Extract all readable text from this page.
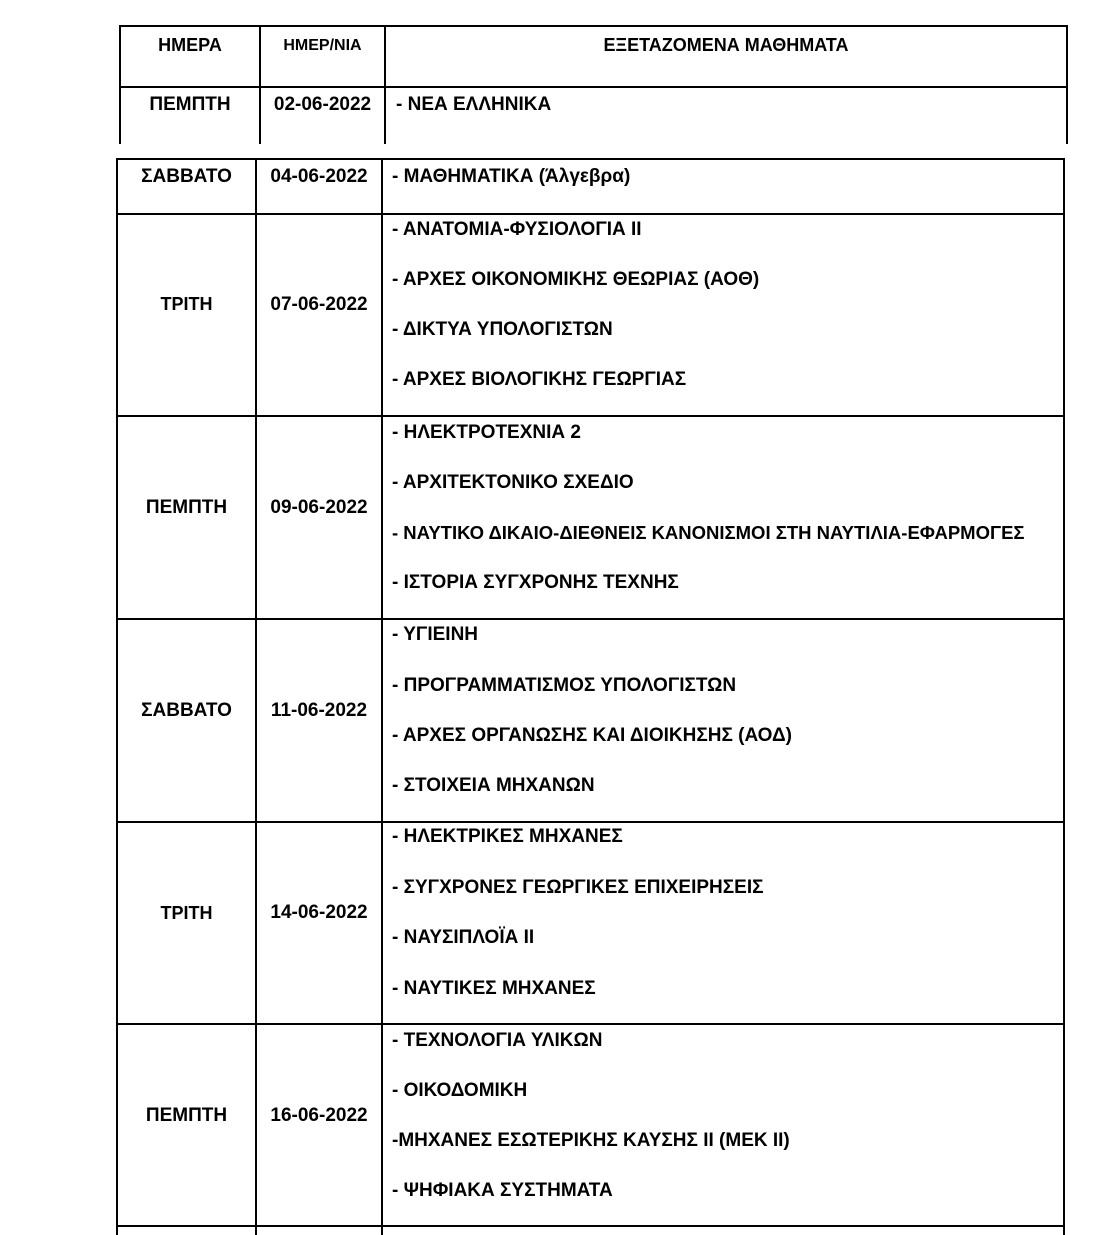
ΗΜΕΡΑ	ΗΜΕΡ/ΝΙΑ	ΕΞΕΤΑΖΟΜΕΝΑ ΜΑΘΗΜΑΤΑ
ΠΕΜΠΤΗ	02-06-2022	- ΝΕΑ ΕΛΛΗΝΙΚΑ
ΣΑΒΒΑΤΟ	04-06-2022	- ΜΑΘΗΜΑΤΙΚΑ (Άλγεβρα)
ΤΡΙΤΗ	07-06-2022
- ΑΝΑΤΟΜΙΑ-ΦΥΣΙΟΛΟΓΙΑ ΙΙ
- ΑΡΧΕΣ ΟΙΚΟΝΟΜΙΚΗΣ ΘΕΩΡΙΑΣ (ΑΟΘ)
- ΔΙΚΤΥΑ ΥΠΟΛΟΓΙΣΤΩΝ
- ΑΡΧΕΣ ΒΙΟΛΟΓΙΚΗΣ ΓΕΩΡΓΙΑΣ
ΠΕΜΠΤΗ	09-06-2022
- ΗΛΕΚΤΡΟΤΕΧΝΙΑ 2
- ΑΡΧΙΤΕΚΤΟΝΙΚΟ ΣΧΕΔΙΟ
- ΝΑΥΤΙΚΟ ΔΙΚΑΙΟ-ΔΙΕΘΝΕΙΣ ΚΑΝΟΝΙΣΜΟΙ ΣΤΗ ΝΑΥΤΙΛΙΑ-ΕΦΑΡΜΟΓΕΣ
- ΙΣΤΟΡΙΑ ΣΥΓΧΡΟΝΗΣ ΤΕΧΝΗΣ
ΣΑΒΒΑΤΟ	11-06-2022
- ΥΓΙΕΙΝΗ
- ΠΡΟΓΡΑΜΜΑΤΙΣΜΟΣ ΥΠΟΛΟΓΙΣΤΩΝ
- ΑΡΧΕΣ ΟΡΓΑΝΩΣΗΣ ΚΑΙ ΔΙΟΙΚΗΣΗΣ (ΑΟΔ)
- ΣΤΟΙΧΕΙΑ ΜΗΧΑΝΩΝ
ΤΡΙΤΗ	14-06-2022
- ΗΛΕΚΤΡΙΚΕΣ ΜΗΧΑΝΕΣ
- ΣΥΓΧΡΟΝΕΣ ΓΕΩΡΓΙΚΕΣ ΕΠΙΧΕΙΡΗΣΕΙΣ
- ΝΑΥΣΙΠΛΟΪΑ ΙΙ
- ΝΑΥΤΙΚΕΣ ΜΗΧΑΝΕΣ
ΠΕΜΠΤΗ	16-06-2022
- ΤΕΧΝΟΛΟΓΙΑ ΥΛΙΚΩΝ
- ΟΙΚΟΔΟΜΙΚΗ
-ΜΗΧΑΝΕΣ ΕΣΩΤΕΡΙΚΗΣ ΚΑΥΣΗΣ ΙΙ (ΜΕΚ ΙΙ)
- ΨΗΦΙΑΚΑ ΣΥΣΤΗΜΑΤΑ
